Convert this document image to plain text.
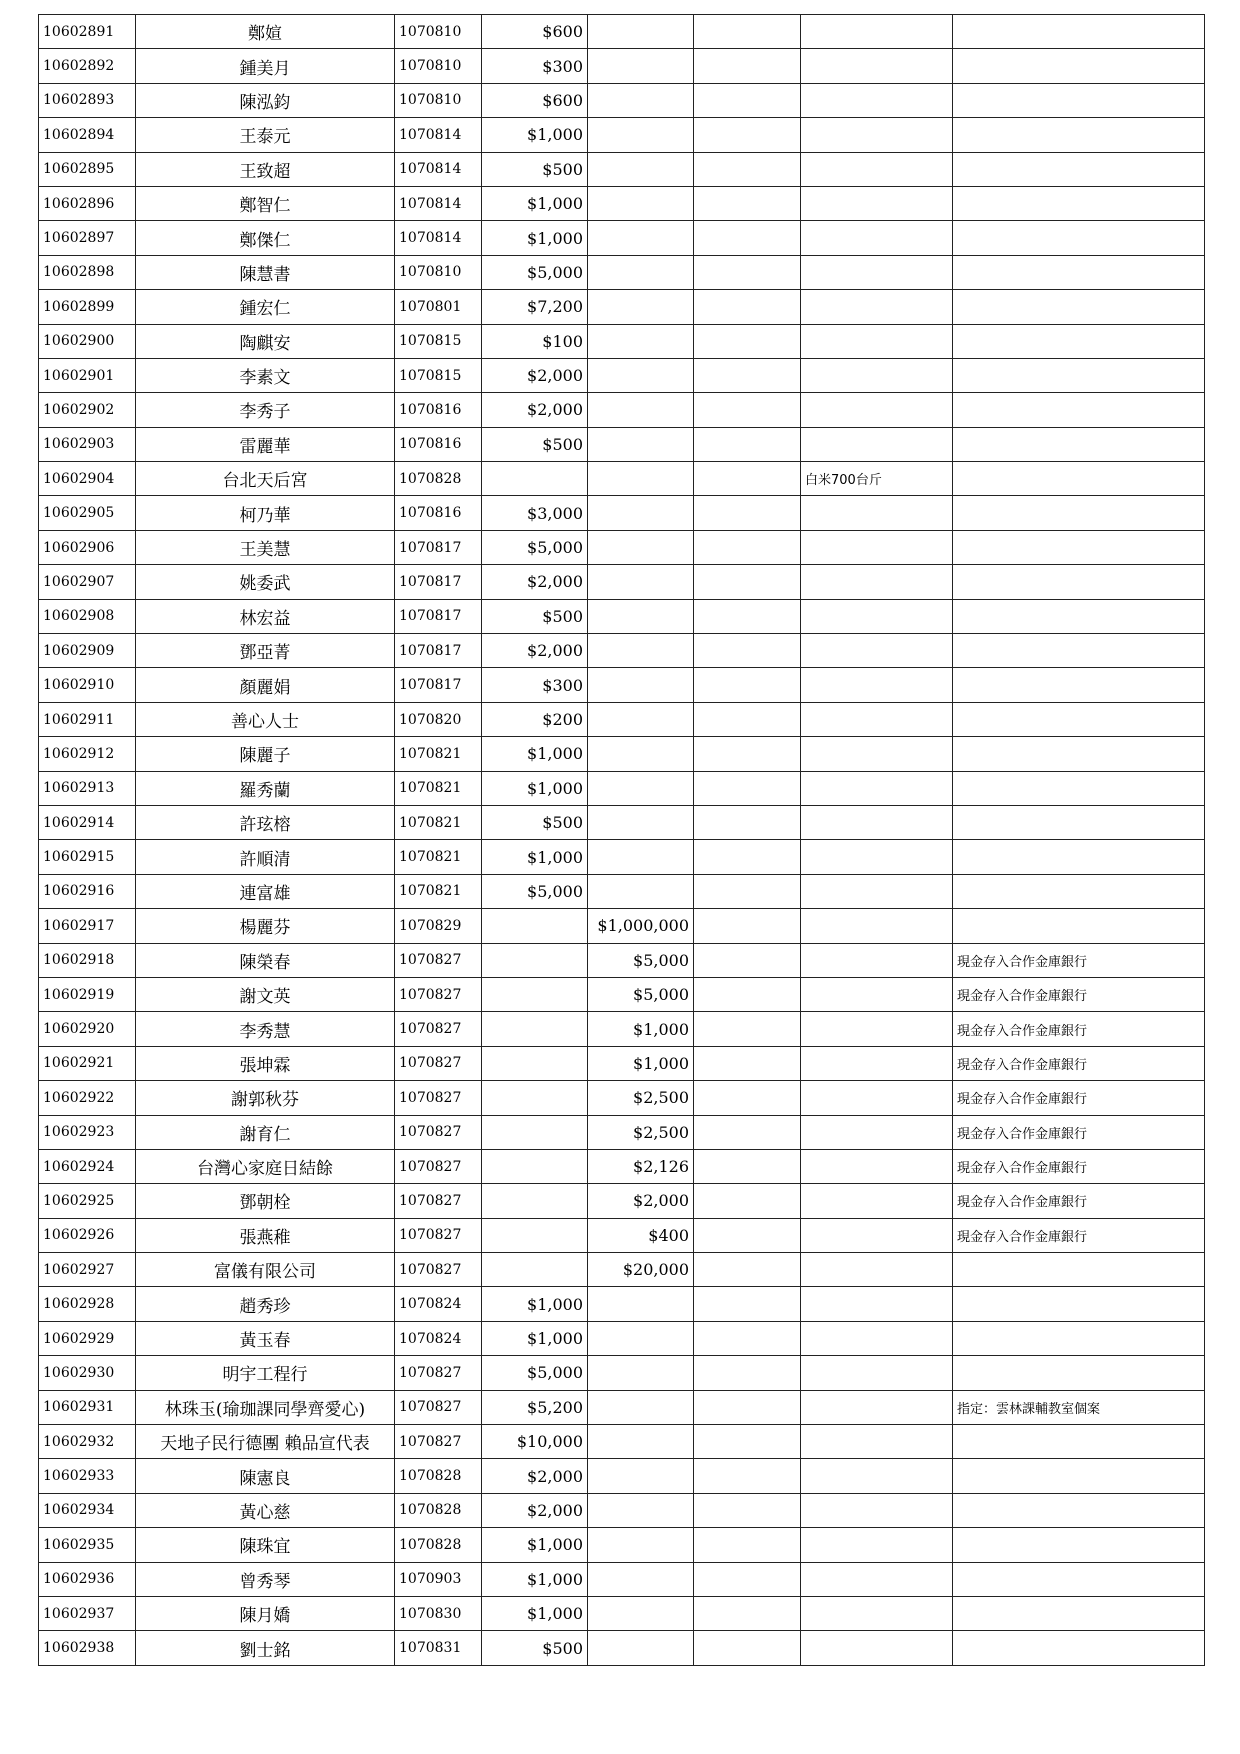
10602891	鄭媗	1070810	$600				
10602892	鍾美月	1070810	$300				
10602893	陳泓鈞	1070810	$600				
10602894	王泰元	1070814	$1,000				
10602895	王致超	1070814	$500				
10602896	鄭智仁	1070814	$1,000				
10602897	鄭傑仁	1070814	$1,000				
10602898	陳慧書	1070810	$5,000				
10602899	鍾宏仁	1070801	$7,200				
10602900	陶麒安	1070815	$100				
10602901	李素文	1070815	$2,000				
10602902	李秀子	1070816	$2,000				
10602903	雷麗華	1070816	$500				
10602904	台北天后宮	1070828				白米700台斤	
10602905	柯乃華	1070816	$3,000				
10602906	王美慧	1070817	$5,000				
10602907	姚委武	1070817	$2,000				
10602908	林宏益	1070817	$500				
10602909	鄧亞菁	1070817	$2,000				
10602910	顏麗娟	1070817	$300				
10602911	善心人士	1070820	$200				
10602912	陳麗子	1070821	$1,000				
10602913	羅秀蘭	1070821	$1,000				
10602914	許玹榕	1070821	$500				
10602915	許順清	1070821	$1,000				
10602916	連富雄	1070821	$5,000				
10602917	楊麗芬	1070829		$1,000,000			
10602918	陳榮春	1070827		$5,000			現金存入合作金庫銀行
10602919	謝文英	1070827		$5,000			現金存入合作金庫銀行
10602920	李秀慧	1070827		$1,000			現金存入合作金庫銀行
10602921	張坤霖	1070827		$1,000			現金存入合作金庫銀行
10602922	謝郭秋芬	1070827		$2,500			現金存入合作金庫銀行
10602923	謝育仁	1070827		$2,500			現金存入合作金庫銀行
10602924	台灣心家庭日結餘	1070827		$2,126			現金存入合作金庫銀行
10602925	鄧朝栓	1070827		$2,000			現金存入合作金庫銀行
10602926	張燕稚	1070827		$400			現金存入合作金庫銀行
10602927	富儀有限公司	1070827		$20,000			
10602928	趙秀珍	1070824	$1,000				
10602929	黃玉春	1070824	$1,000				
10602930	明宇工程行	1070827	$5,000				
10602931	林珠玉(瑜珈課同學齊愛心)	1070827	$5,200				指定：雲林課輔教室個案
10602932	天地子民行德團 賴品宣代表	1070827	$10,000				
10602933	陳憲良	1070828	$2,000				
10602934	黃心慈	1070828	$2,000				
10602935	陳珠宜	1070828	$1,000				
10602936	曾秀琴	1070903	$1,000				
10602937	陳月嬌	1070830	$1,000				
10602938	劉士銘	1070831	$500				
